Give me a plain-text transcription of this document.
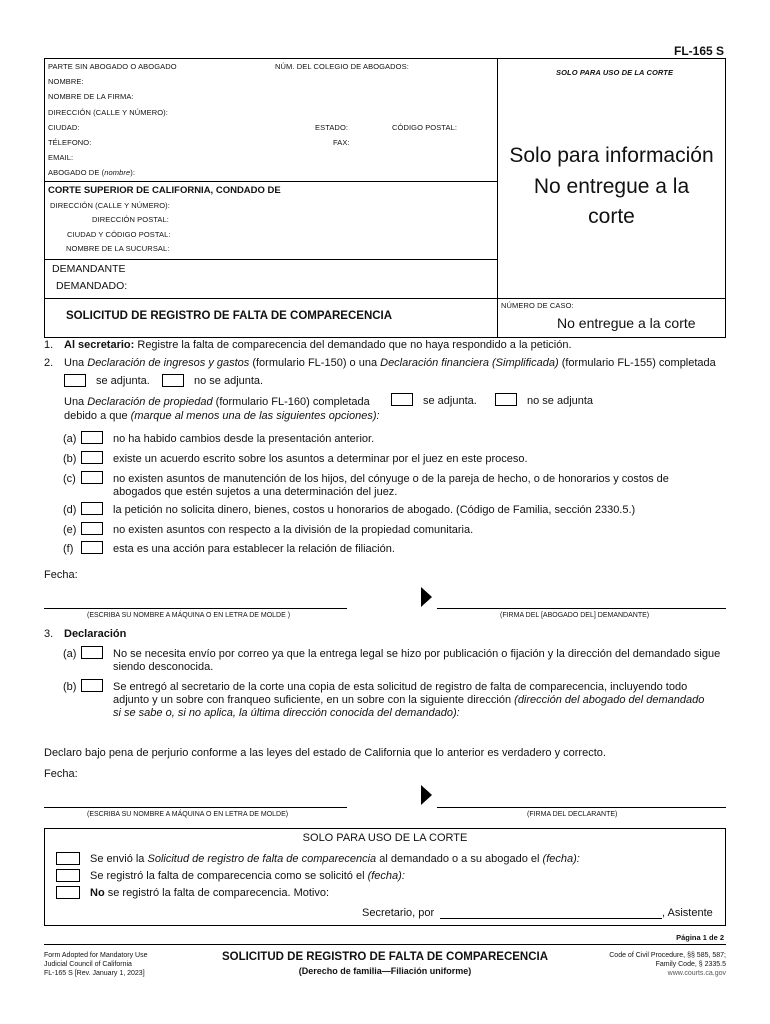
FL-165 S
PARTE SIN ABOGADO O ABOGADO	NÚM. DEL COLEGIO DE ABOGADOS:
NOMBRE:
NOMBRE DE LA FIRMA:
DIRECCIÓN (CALLE Y NÚMERO):
CIUDAD:	ESTADO:	CÓDIGO POSTAL:
TÉLEFONO:	FAX:
EMAIL:
ABOGADO DE (nombre):
SOLO PARA USO DE LA CORTE
Solo para información
No entregue a la
corte
CORTE SUPERIOR DE CALIFORNIA, CONDADO DE
DIRECCIÓN (CALLE Y NÚMERO):
DIRECCIÓN POSTAL:
CIUDAD Y CÓDIGO POSTAL:
NOMBRE DE LA SUCURSAL:
DEMANDANTE
DEMANDADO:
SOLICITUD DE REGISTRO DE FALTA DE COMPARECENCIA
NÚMERO DE CASO:
No entregue a la corte
1. Al secretario: Registre la falta de comparecencia del demandado que no haya respondido a la petición.
2. Una Declaración de ingresos y gastos (formulario FL-150) o una Declaración financiera (Simplificada) (formulario FL-155) completada
se adjunta.	no se adjunta.
Una Declaración de propiedad (formulario FL-160) completada	se adjunta.	no se adjunta
debido a que (marque al menos una de las siguientes opciones):
(a)	no ha habido cambios desde la presentación anterior.
(b)	existe un acuerdo escrito sobre los asuntos a determinar por el juez en este proceso.
(c)	no existen asuntos de manutención de los hijos, del cónyuge o de la pareja de hecho, o de honorarios y costos de
abogados que estén sujetos a una determinación del juez.
(d)	la petición no solicita dinero, bienes, costos u honorarios de abogado. (Código de Familia, sección 2330.5.)
(e)	no existen asuntos con respecto a la división de la propiedad comunitaria.
(f)	esta es una acción para establecer la relación de filiación.
Fecha:
(ESCRIBA SU NOMBRE A MÁQUINA O EN LETRA DE MOLDE )	(FIRMA DEL [ABOGADO DEL] DEMANDANTE)
3. Declaración
(a)	No se necesita envío por correo ya que la entrega legal se hizo por publicación o fijación y la dirección del demandado sigue
siendo desconocida.
(b)	Se entregó al secretario de la corte una copia de esta solicitud de registro de falta de comparecencia, incluyendo todo
adjunto y un sobre con franqueo suficiente, en un sobre con la siguiente dirección (dirección del abogado del demandado
si se sabe o, si no aplica, la última dirección conocida del demandado):
Declaro bajo pena de perjurio conforme a las leyes del estado de California que lo anterior es verdadero y correcto.
Fecha:
(ESCRIBA SU NOMBRE A MÁQUINA O EN LETRA DE MOLDE)	(FIRMA DEL DECLARANTE)
SOLO PARA USO DE LA CORTE
Se envió la Solicitud de registro de falta de comparecencia al demandado o a su abogado el (fecha):
Se registró la falta de comparecencia como se solicitó el (fecha):
No se registró la falta de comparecencia. Motivo:
Secretario, por	, Asistente
Página 1 de 2
Form Adopted for Mandatory Use
Judicial Council of California
FL-165 S [Rev. January 1, 2023]
SOLICITUD DE REGISTRO DE FALTA DE COMPARECENCIA
(Derecho de familia—Filiación uniforme)
Code of Civil Procedure, §§ 585, 587;
Family Code, § 2335.5
www.courts.ca.gov
